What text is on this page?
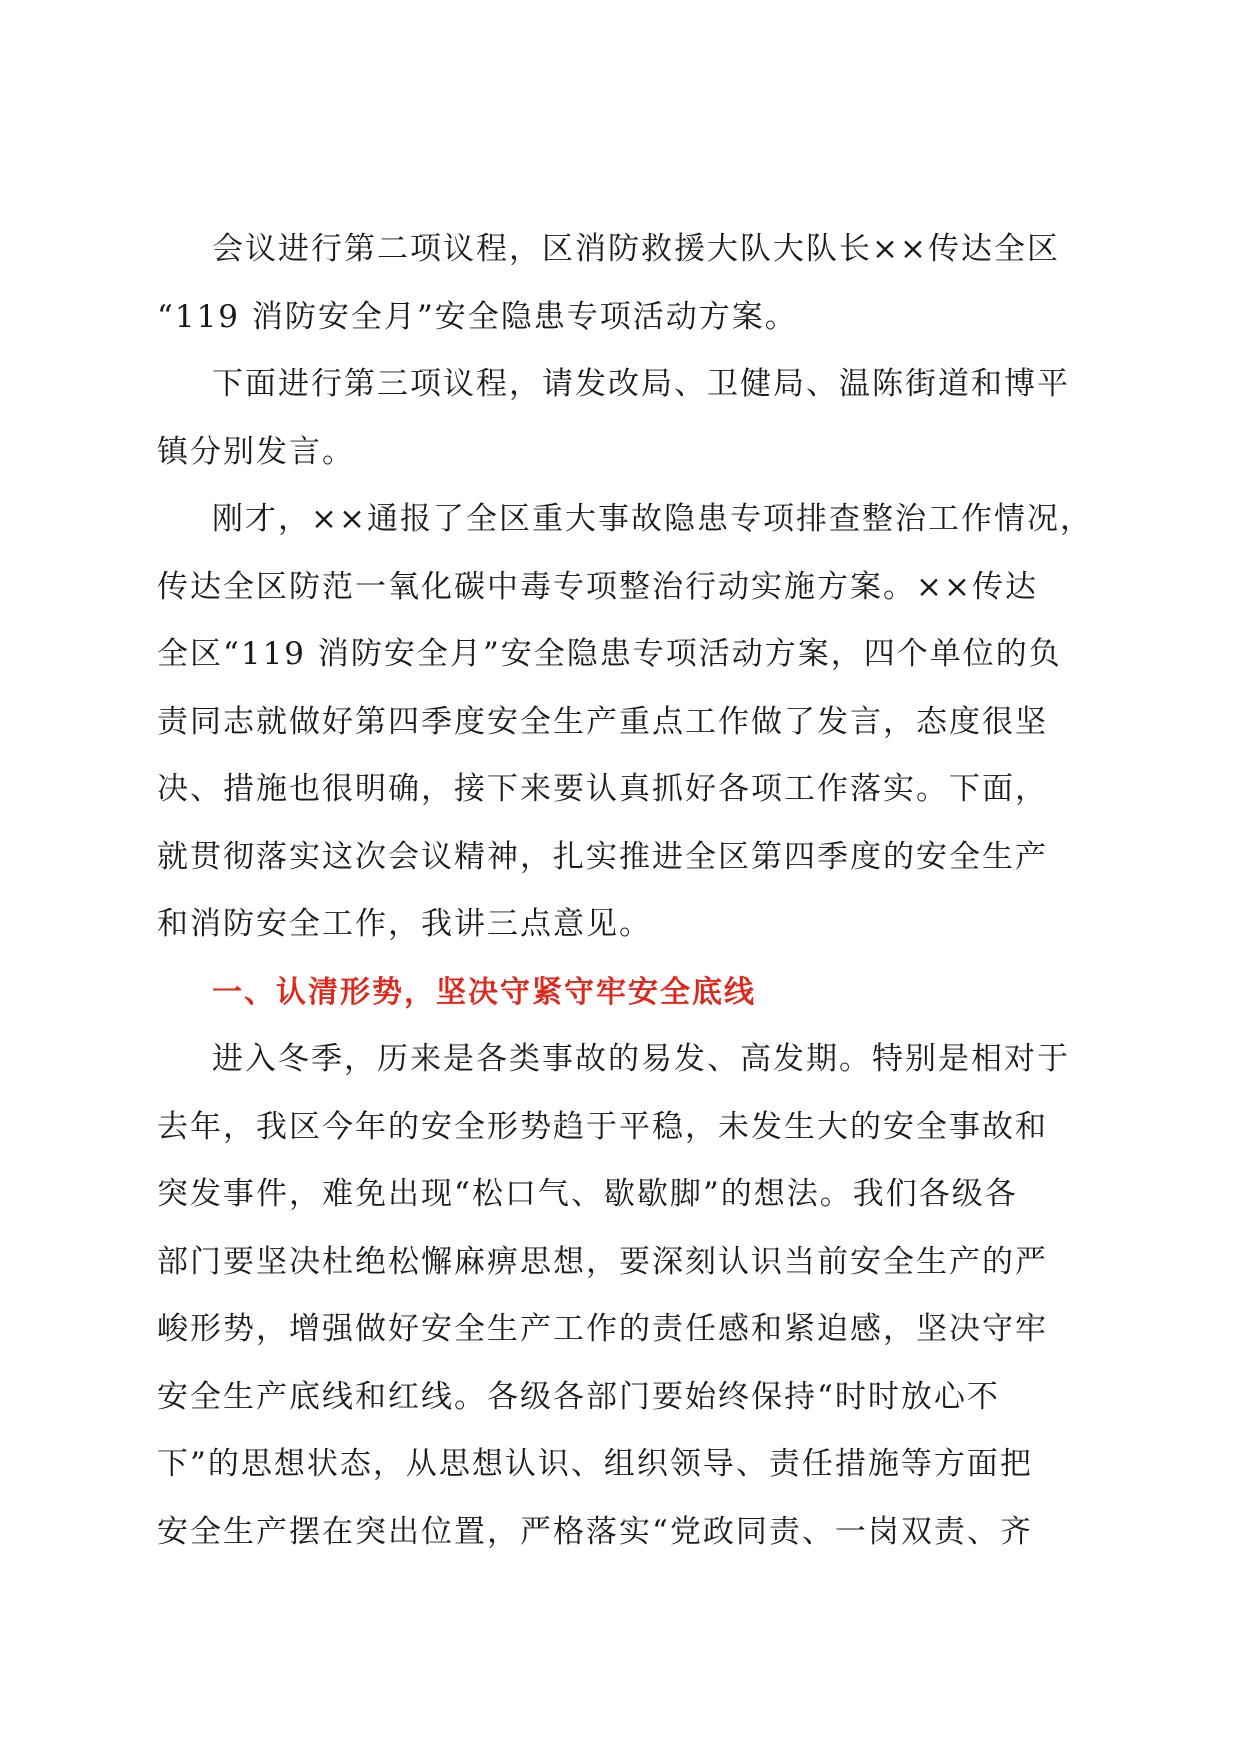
会议进行第二项议程，区消防救援大队大队长××传达全区
“119 消防安全月”安全隐患专项活动方案。
下面进行第三项议程，请发改局、卫健局、温陈街道和博平
镇分别发言。
刚才，××通报了全区重大事故隐患专项排查整治工作情况，
传达全区防范一氧化碳中毒专项整治行动实施方案。××传达
全区“119 消防安全月”安全隐患专项活动方案，四个单位的负
责同志就做好第四季度安全生产重点工作做了发言，态度很坚
决、措施也很明确，接下来要认真抓好各项工作落实。下面，
就贯彻落实这次会议精神，扎实推进全区第四季度的安全生产
和消防安全工作，我讲三点意见。
一、认清形势，坚决守紧守牢安全底线
进入冬季，历来是各类事故的易发、高发期。特别是相对于
去年，我区今年的安全形势趋于平稳，未发生大的安全事故和
突发事件，难免出现“松口气、歇歇脚”的想法。我们各级各
部门要坚决杜绝松懈麻痹思想，要深刻认识当前安全生产的严
峻形势，增强做好安全生产工作的责任感和紧迫感，坚决守牢
安全生产底线和红线。各级各部门要始终保持“时时放心不
下”的思想状态，从思想认识、组织领导、责任措施等方面把
安全生产摆在突出位置，严格落实“党政同责、一岗双责、齐
